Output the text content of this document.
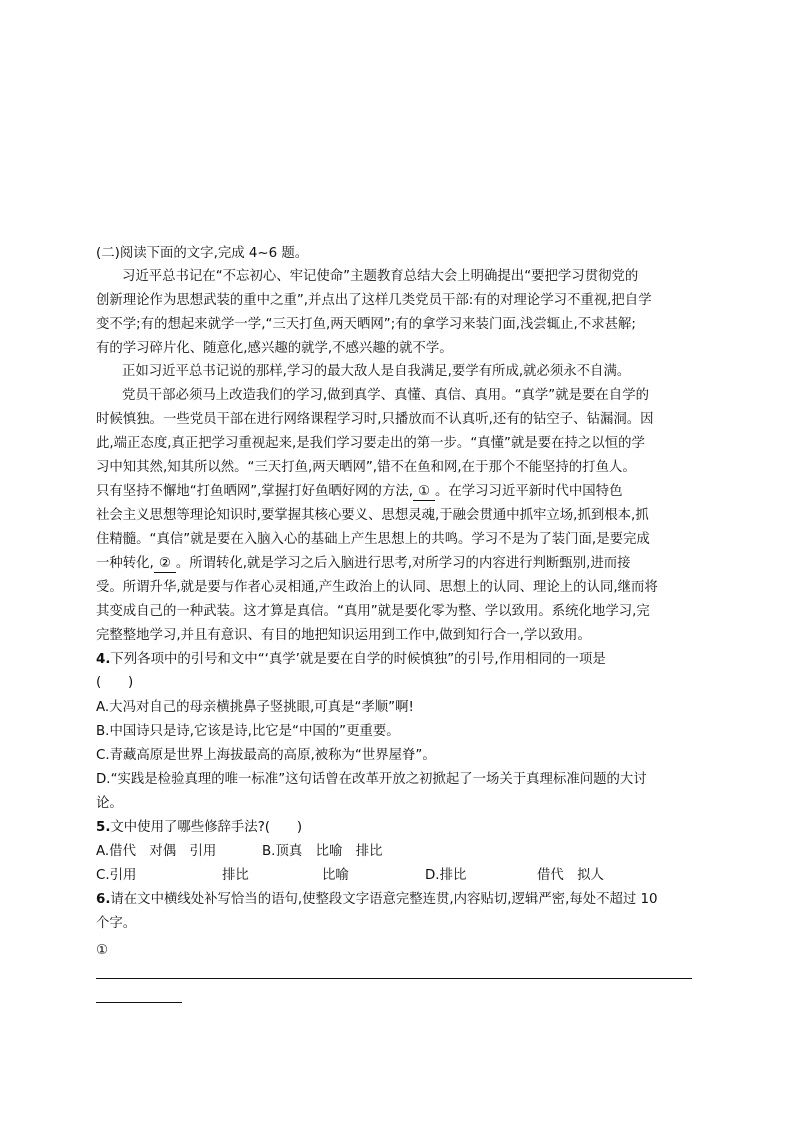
(二)阅读下面的文字,完成 4~6 题。
习近平总书记在“不忘初心、牢记使命”主题教育总结大会上明确提出“要把学习贯彻党的
创新理论作为思想武装的重中之重”,并点出了这样几类党员干部:有的对理论学习不重视,把自学
变不学;有的想起来就学一学,“三天打鱼,两天晒网”;有的拿学习来装门面,浅尝辄止,不求甚解;
有的学习碎片化、随意化,感兴趣的就学,不感兴趣的就不学。
正如习近平总书记说的那样,学习的最大敌人是自我满足,要学有所成,就必须永不自满。
党员干部必须马上改造我们的学习,做到真学、真懂、真信、真用。“真学”就是要在自学的
时候慎独。一些党员干部在进行网络课程学习时,只播放而不认真听,还有的钻空子、钻漏洞。因
此,端正态度,真正把学习重视起来,是我们学习要走出的第一步。“真懂”就是要在持之以恒的学
习中知其然,知其所以然。“三天打鱼,两天晒网”,错不在鱼和网,在于那个不能坚持的打鱼人。
只有坚持不懈地“打鱼晒网”,掌握打好鱼晒好网的方法, ① 。在学习习近平新时代中国特色
社会主义思想等理论知识时,要掌握其核心要义、思想灵魂,于融会贯通中抓牢立场,抓到根本,抓
住精髓。“真信”就是要在入脑入心的基础上产生思想上的共鸣。学习不是为了装门面,是要完成
一种转化, ② 。所谓转化,就是学习之后入脑进行思考,对所学习的内容进行判断甄别,进而接
受。所谓升华,就是要与作者心灵相通,产生政治上的认同、思想上的认同、理论上的认同,继而将
其变成自己的一种武装。这才算是真信。“真用”就是要化零为整、学以致用。系统化地学习,完
完整整地学习,并且有意识、有目的地把知识运用到工作中,做到知行合一,学以致用。
4.下列各项中的引号和文中“‘真学’就是要在自学的时候慎独”的引号,作用相同的一项是
(　　)
A.大冯对自己的母亲横挑鼻子竖挑眼,可真是“孝顺”啊!
B.中国诗只是诗,它该是诗,比它是“中国的”更重要。
C.青藏高原是世界上海拔最高的高原,被称为“世界屋脊”。
D.“实践是检验真理的唯一标准”这句话曾在改革开放之初掀起了一场关于真理标准问题的大讨
论。
5.文中使用了哪些修辞手法?(　　)
A.借代　对偶　引用	B.顶真　比喻　排比
C.引用	排比	比喻	D.排比	借代　拟人
6.请在文中横线处补写恰当的语句,使整段文字语意完整连贯,内容贴切,逻辑严密,每处不超过 10
个字。
①
